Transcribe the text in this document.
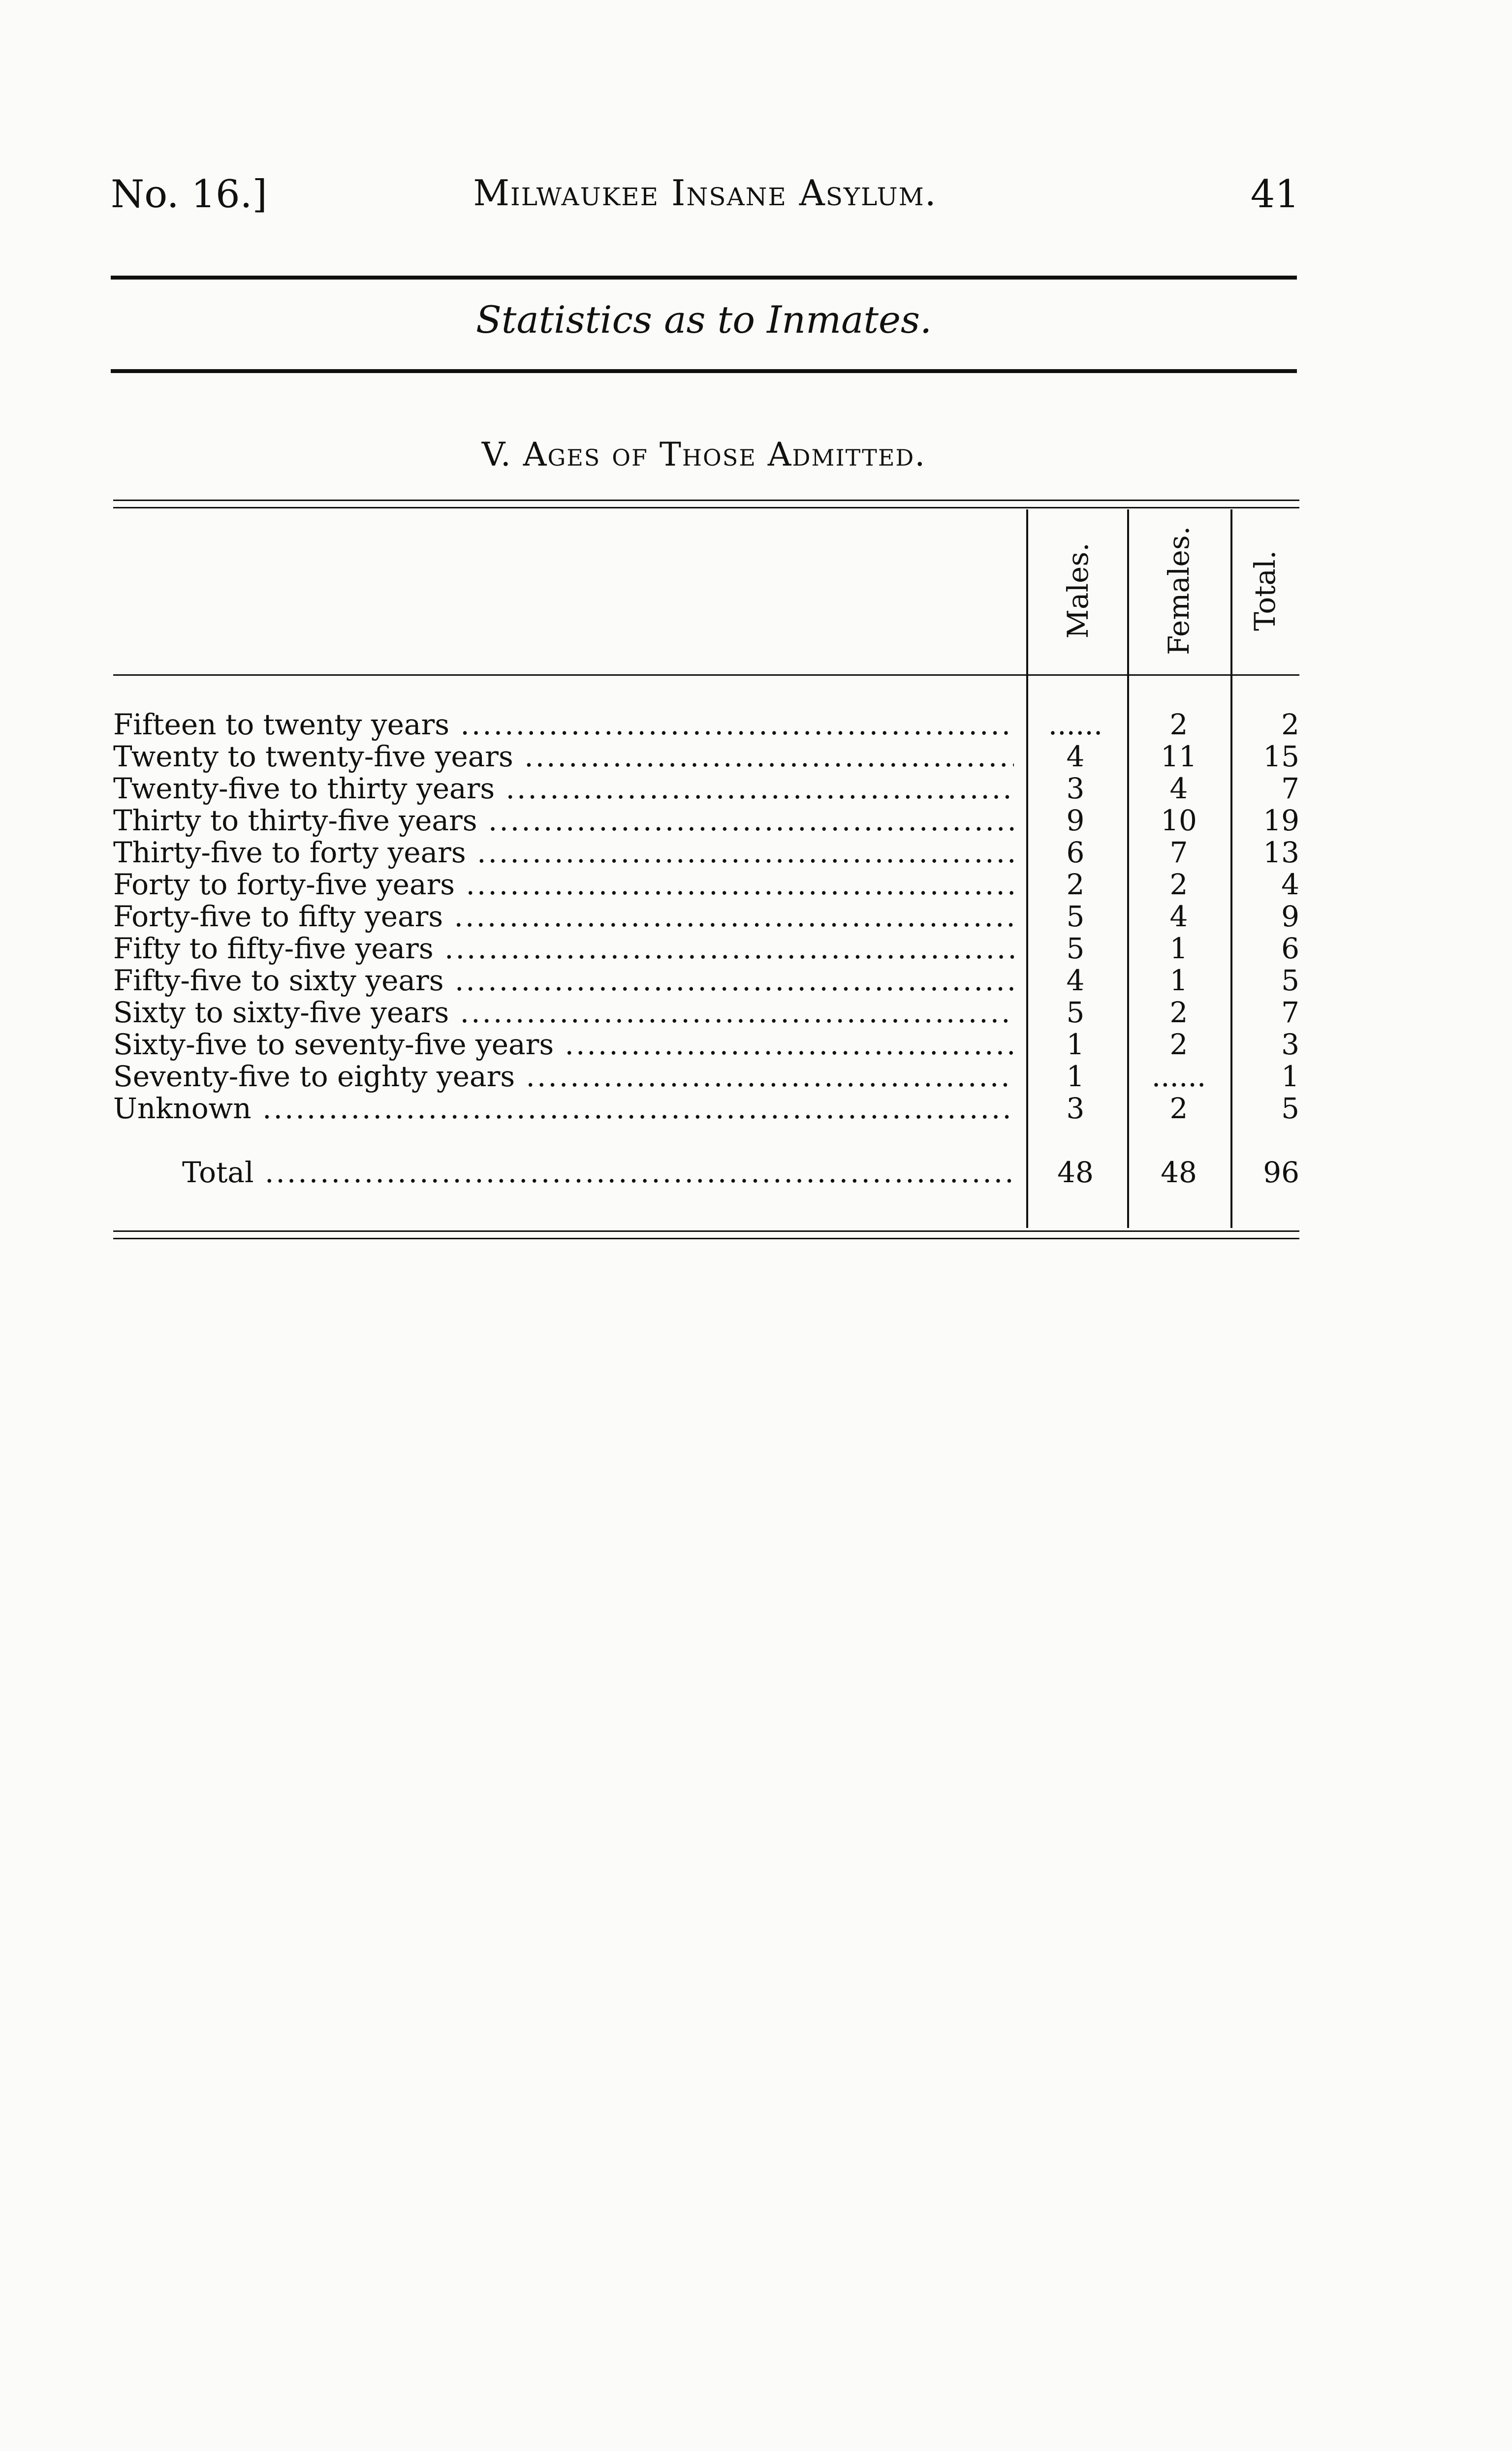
No. 16.]	Milwaukee Insane Asylum.	41
Statistics as to Inmates.
V. Ages of Those Admitted.
Males. Females. Total.
Fifteen to twenty years .....	......	2	2
Twenty to twenty-five years .....	4	11	15
Twenty-five to thirty years .....	3	4	7
Thirty to thirty-five years .....	9	10	19
Thirty-five to forty years .....	6	7	13
Forty to forty-five years .....	2	2	4
Forty-five to fifty years .....	5	4	9
Fifty to fifty-five years .....	5	1	6
Fifty-five to sixty years .....	4	1	5
Sixty to sixty-five years .....	5	2	7
Sixty-five to seventy-five years .....	1	2	3
Seventy-five to eighty years .....	1	......	1
Unknown .....	3	2	5
Total .....	48	48	96
